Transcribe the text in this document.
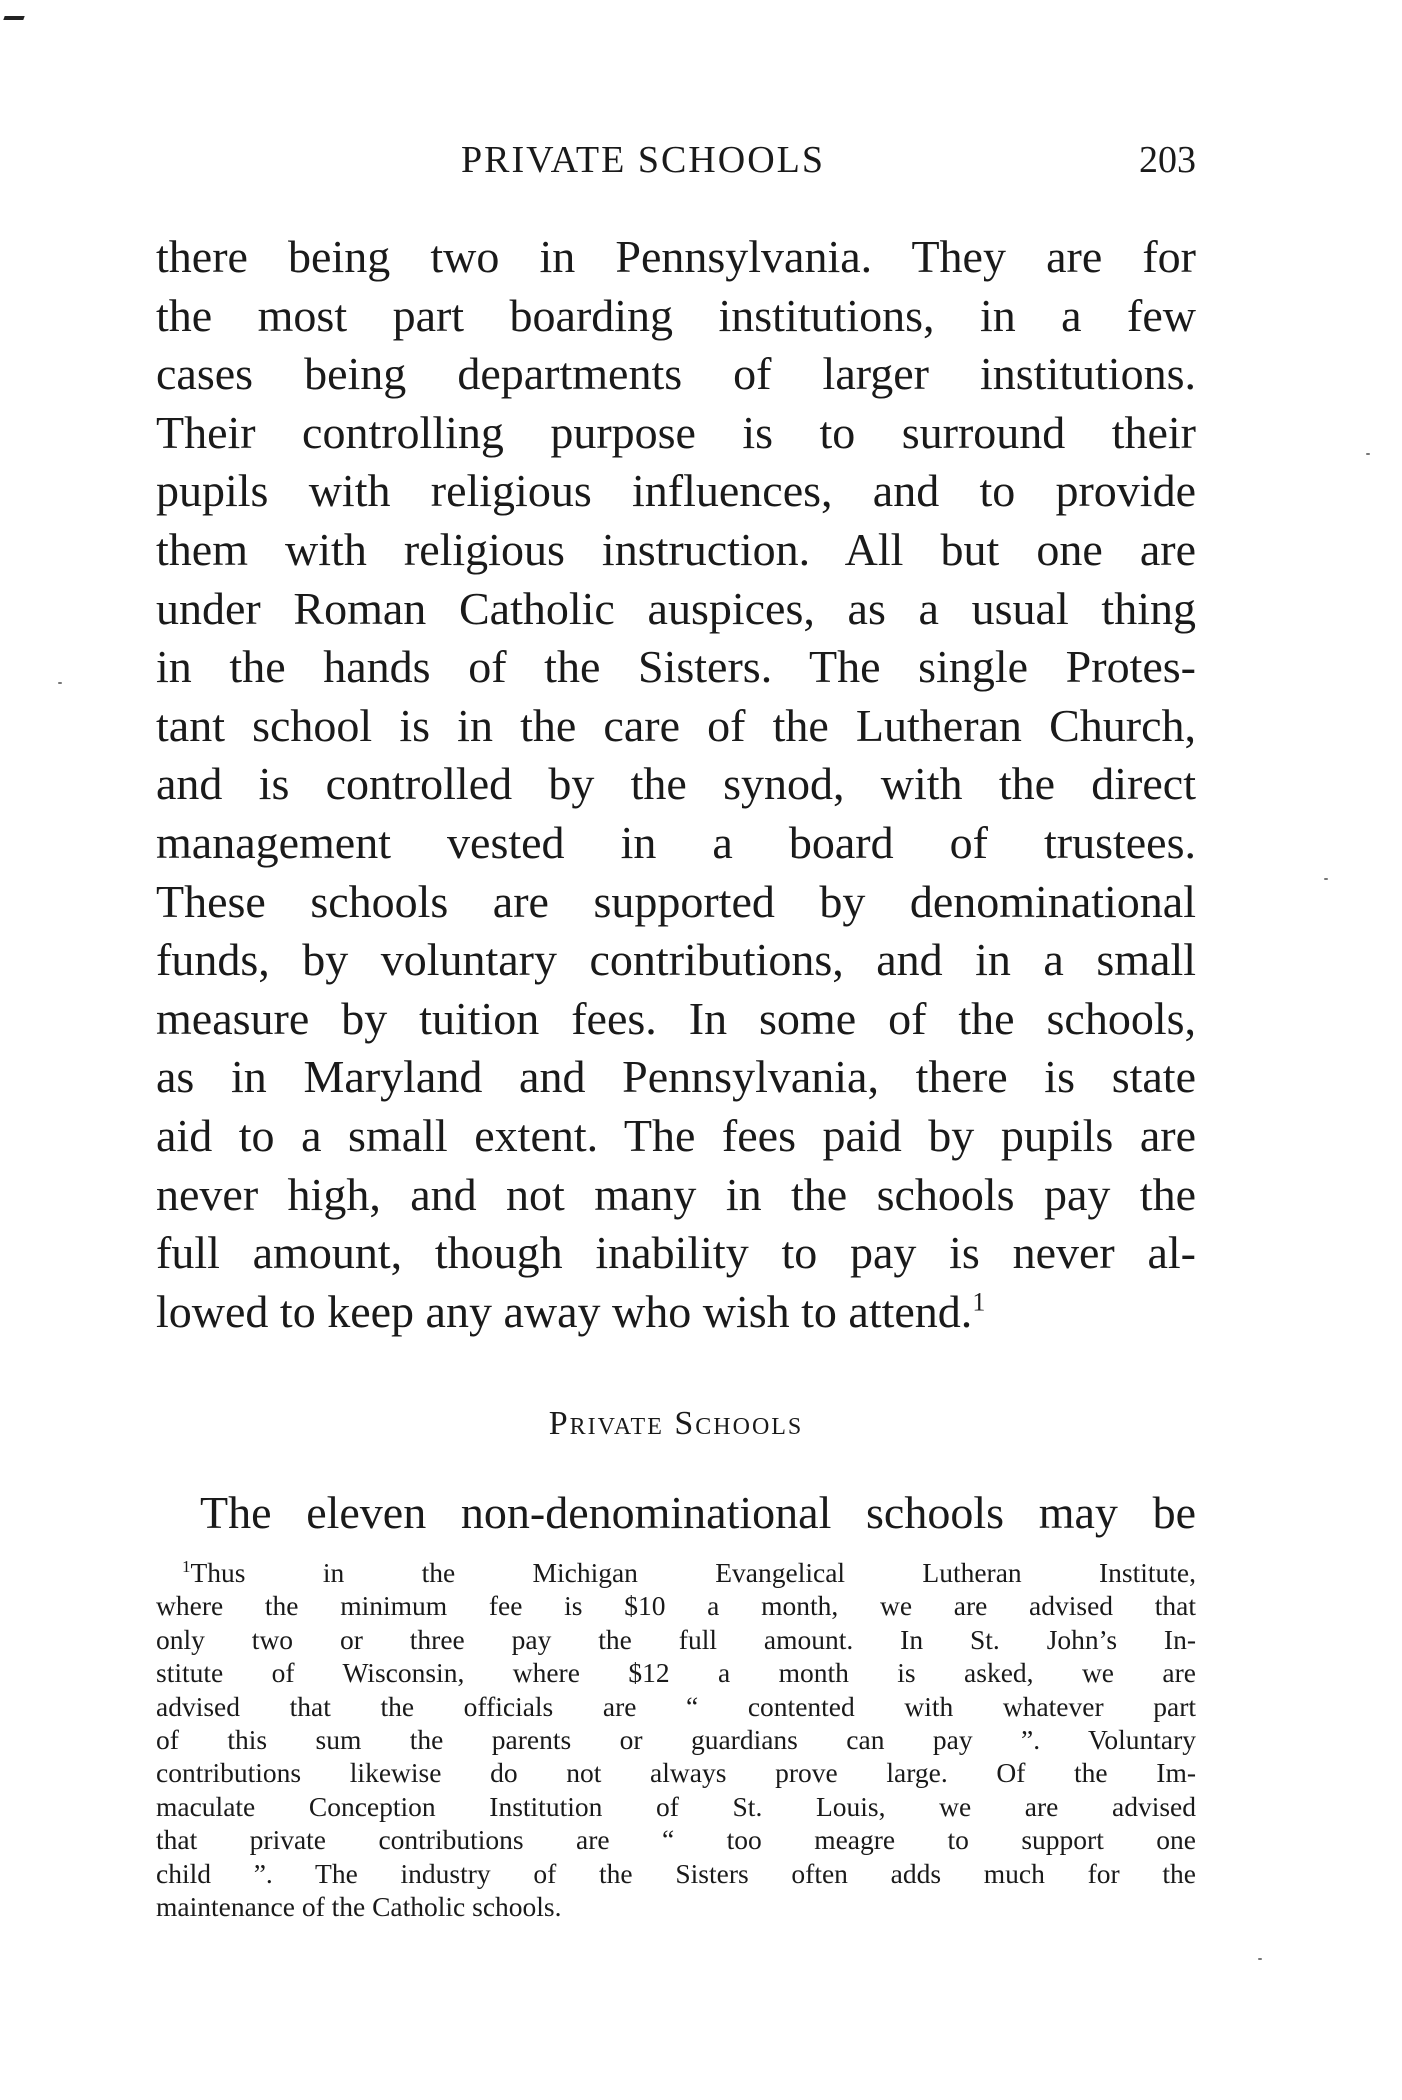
PRIVATE SCHOOLS	203
there being two in Pennsylvania. They are for
the most part boarding institutions, in a few
cases being departments of larger institutions.
Their controlling purpose is to surround their
pupils with religious influences, and to provide
them with religious instruction. All but one are
under Roman Catholic auspices, as a usual thing
in the hands of the Sisters. The single Protes-
tant school is in the care of the Lutheran Church,
and is controlled by the synod, with the direct
management vested in a board of trustees.
These schools are supported by denominational
funds, by voluntary contributions, and in a small
measure by tuition fees. In some of the schools,
as in Maryland and Pennsylvania, there is state
aid to a small extent. The fees paid by pupils are
never high, and not many in the schools pay the
full amount, though inability to pay is never al-
lowed to keep any away who wish to attend.$^1$
Private Schools
The eleven non-denominational schools may be
$^1$Thus in the Michigan Evangelical Lutheran Institute,
where the minimum fee is $10 a month, we are advised that
only two or three pay the full amount. In St. John’s In-
stitute of Wisconsin, where $12 a month is asked, we are
advised that the officials are “ contented with whatever part
of this sum the parents or guardians can pay ”. Voluntary
contributions likewise do not always prove large. Of the Im-
maculate Conception Institution of St. Louis, we are advised
that private contributions are “ too meagre to support one
child ”. The industry of the Sisters often adds much for the
maintenance of the Catholic schools.
